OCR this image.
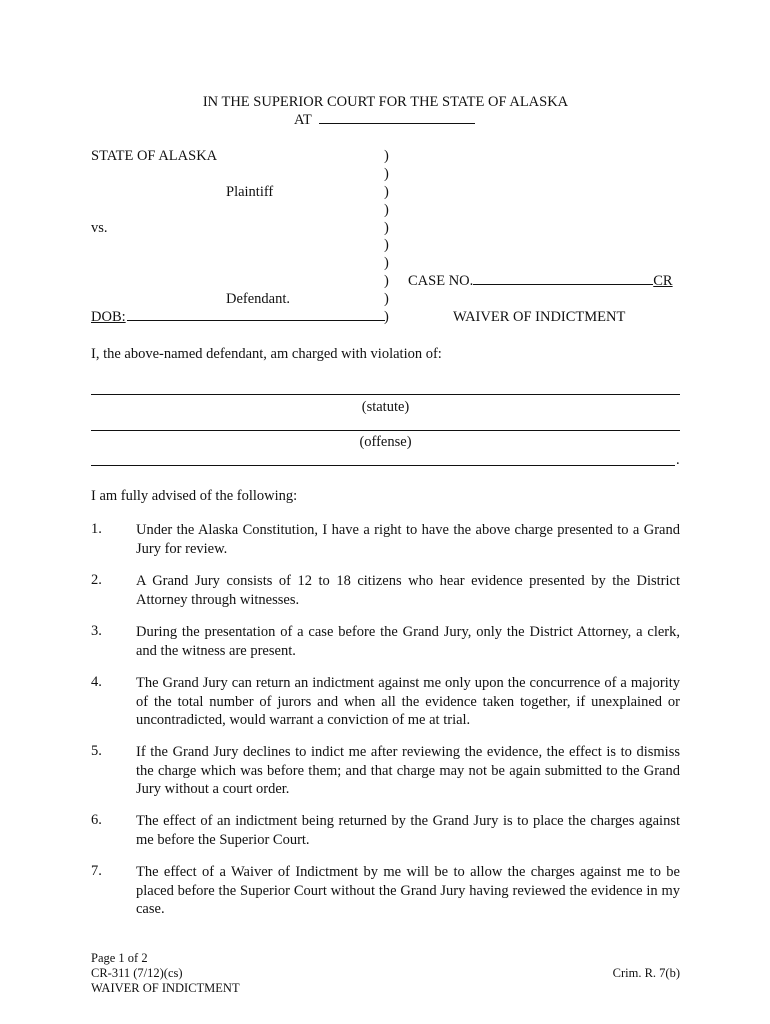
IN THE SUPERIOR COURT FOR THE STATE OF ALASKA
AT
STATE OF ALASKA
Plaintiff
vs.
Defendant.
DOB:
)
)
)
)
)
)
)
)
)
)
CASE NO.	CR
WAIVER OF INDICTMENT
I, the above-named defendant, am charged with violation of:
(statute)
(offense)
.
I am fully advised of the following:
1. Under the Alaska Constitution, I have a right to have the above charge presented to a Grand Jury for review.
2. A Grand Jury consists of 12 to 18 citizens who hear evidence presented by the District Attorney through witnesses.
3. During the presentation of a case before the Grand Jury, only the District Attorney, a clerk, and the witness are present.
4. The Grand Jury can return an indictment against me only upon the concurrence of a majority of the total number of jurors and when all the evidence taken together, if unexplained or uncontradicted, would warrant a conviction of me at trial.
5. If the Grand Jury declines to indict me after reviewing the evidence, the effect is to dismiss the charge which was before them; and that charge may not be again submitted to the Grand Jury without a court order.
6. The effect of an indictment being returned by the Grand Jury is to place the charges against me before the Superior Court.
7. The effect of a Waiver of Indictment by me will be to allow the charges against me to be placed before the Superior Court without the Grand Jury having reviewed the evidence in my case.
Page 1 of 2
CR-311 (7/12)(cs)
WAIVER OF INDICTMENT
Crim. R. 7(b)
